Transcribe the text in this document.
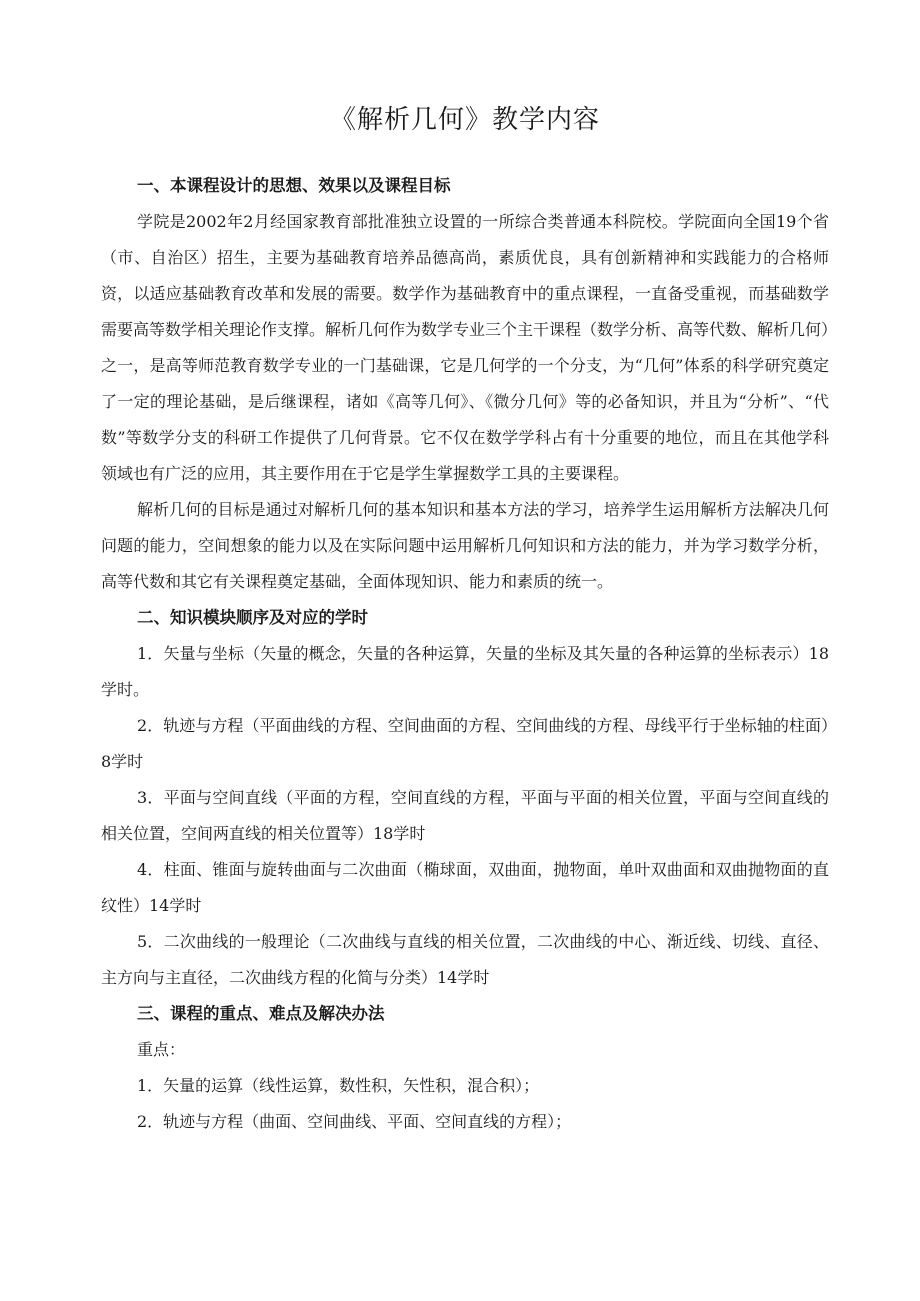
《解析几何》教学内容
一、本课程设计的思想、效果以及课程目标

学院是2002年2月经国家教育部批准独立设置的一所综合类普通本科院校。学院面向全国19个省（市、自治区）招生，主要为基础教育培养品德高尚，素质优良，具有创新精神和实践能力的合格师资，以适应基础教育改革和发展的需要。数学作为基础教育中的重点课程，一直备受重视，而基础数学需要高等数学相关理论作支撑。解析几何作为数学专业三个主干课程（数学分析、高等代数、解析几何）之一，是高等师范教育数学专业的一门基础课，它是几何学的一个分支，为“几何”体系的科学研究奠定了一定的理论基础，是后继课程，诸如《高等几何》、《微分几何》等的必备知识，并且为“分析”、“代数”等数学分支的科研工作提供了几何背景。它不仅在数学学科占有十分重要的地位，而且在其他学科领域也有广泛的应用，其主要作用在于它是学生掌握数学工具的主要课程。

解析几何的目标是通过对解析几何的基本知识和基本方法的学习，培养学生运用解析方法解决几何问题的能力，空间想象的能力以及在实际问题中运用解析几何知识和方法的能力，并为学习数学分析，高等代数和其它有关课程奠定基础，全面体现知识、能力和素质的统一。

二、知识模块顺序及对应的学时

1．矢量与坐标（矢量的概念，矢量的各种运算，矢量的坐标及其矢量的各种运算的坐标表示）18学时。

2．轨迹与方程（平面曲线的方程、空间曲面的方程、空间曲线的方程、母线平行于坐标轴的柱面）8学时

3．平面与空间直线（平面的方程，空间直线的方程，平面与平面的相关位置，平面与空间直线的相关位置，空间两直线的相关位置等）18学时

4．柱面、锥面与旋转曲面与二次曲面（椭球面，双曲面，抛物面，单叶双曲面和双曲抛物面的直纹性）14学时

5．二次曲线的一般理论（二次曲线与直线的相关位置，二次曲线的中心、渐近线、切线、直径、主方向与主直径，二次曲线方程的化简与分类）14学时

三、课程的重点、难点及解决办法

重点：

1．矢量的运算（线性运算，数性积，矢性积，混合积）；

2．轨迹与方程（曲面、空间曲线、平面、空间直线的方程）；
